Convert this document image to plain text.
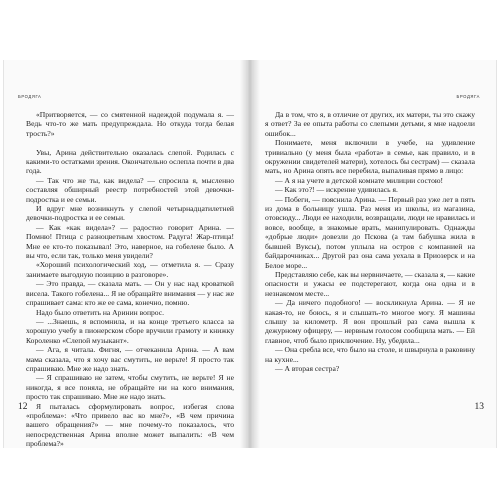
БРОДЯГА

«Притворяется, — со смятенной надеждой подумала я. — Ведь что-то же мать предупреждала. Но откуда тогда белая трость?»

Увы, Арина действительно оказалась слепой. Родилась с какими-то остатками зрения. Окончательно ослепла почти в два года.

— Так что же ты, как видела? — спросила я, мысленно составляя обширный реестр потребностей этой девочки-подростка и ее семьи.

И вдруг мне возникнуть у слепой четырнадцатилетней девочки-подростка и ее семьи.

— Как «как видела»? — радостно говорит Арина. — Помню! Птица с разноцветным хвостом. Радуга! Жар-птица! Мне ее кто-то показывал! Это, наверное, на гобелене было. А вы что, если так, только меня увидели?

«Хороший психологический ход, — отметила я. — Сразу занимаете выгодную позицию в разговоре».

— Это правда, — сказала мать. — Он у нас над кроваткой висела. Такого гобелена... Я не обращайте внимания — у нас же спрашивает сама: кто же ее сама, конечно, помню.

Надо было ответить на Аринин вопрос.

— ...Знаешь, я вспомнила, и на конце третьего класса за хорошую учебу в пионерском сборе вручили грамоту и книжку Короленко «Слепой музыкант».

— Ага, я читала. Фигня, — отчеканила Арина. — А вам мама сказала, что я хочу вас смутить, не верьте! Я просто так спрашиваю. Мне же надо знать.

— Я спрашиваю не затем, чтобы смутить, не верьте! Я не никогда, я все поняла, не обращайте ни на кого внимания, просто так спрашиваю. Мне же надо знать.

Я пыталась сформулировать вопрос, избегая слова «проблема»: «Что привело вас ко мне?», «В чем причина вашего обращения?» — мне почему-то показалось, что непосредственная Арина вполне может выпалить: «В чем проблема?»

12
БРОДЯГА

Да в том, что я, в отличие от других, их матери, ты это скажу я ответ? За ее опыта работы со слепыми детьми, я мне надоели ошибок...

Понимаете, меня включили в учебе, на удивление тривиально (у меня была «работа» в семье, как правило, и в окружении свидетелей матери), хотелось бы сестрам) — сказала мать, но Арина опять все перебила, выпаливая прямо в лицо:

— А я на учете в детской комнате милиции состою!

— Как это?! — искренне удивилась я.

— Побеги, — пояснила Арина. — Первый раз уже лет в пять из дома в больницу ушла. Раз меня из школы, из магазина, отовсюду... Люди ее находили, возвращали, люди не нравилась и вовсе, вообще, в знакомые врать, манипулировать. Однажды «добрые люди» довезли до Пскова (а там бабушка жила в бывшей Вуксы), потом уплыла на остров с компанией на байдарочниках... Другой раз она сама уехала в Приозерск и на Белое море...

Представляю себе, как вы нервничаете, — сказала я, — какие опасности и ужасы ее подстерегают, когда она одна и в незнакомом месте...

— Да ничего подобного! — воскликнула Арина. — Я не какая-то, не боюсь, я и слышать-то многое могу. Я машины слышу за километр. Я вон прошлый раз сама вышла к дежурному офицеру, — нервным голосом сообщила мать. — Ей главное, чтоб было приключение. Ну, убедила...

— Она сребла все, что было на столе, и швырнула в раковину на кухне...

— А вторая сестра?

13
